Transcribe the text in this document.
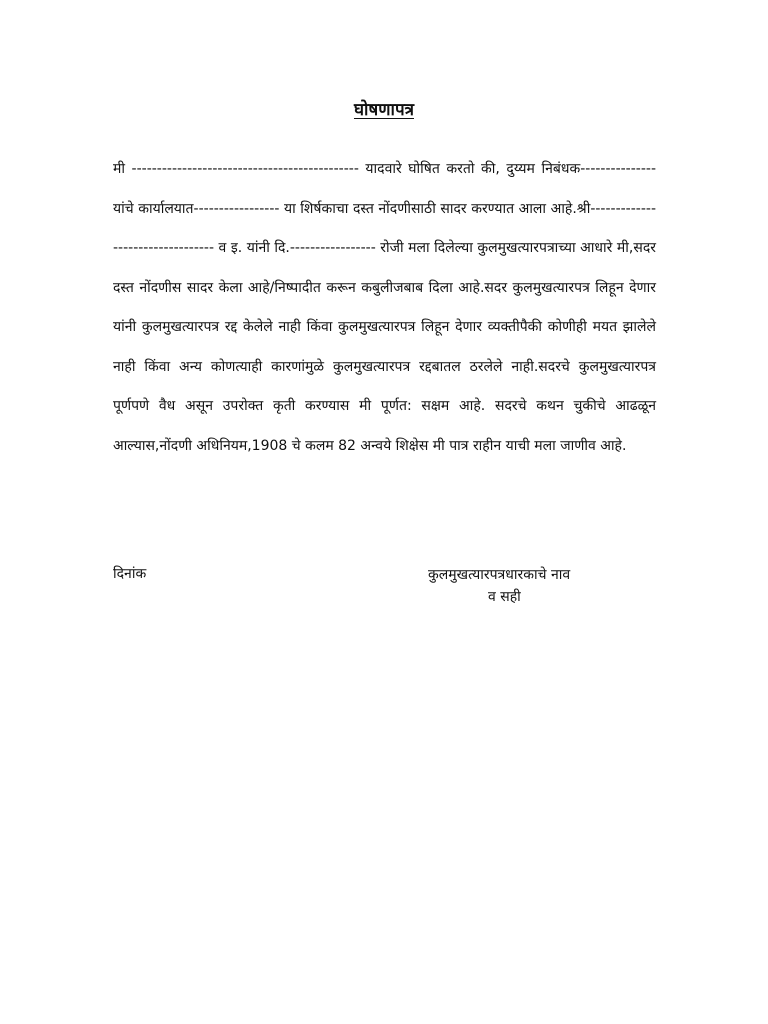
घोषणापत्र

मी --------------------------------------------- यादवारे घोषित करतो की, दुय्यम निबंधक--------------- यांचे कार्यालयात----------------- या शिर्षकाचा दस्त नोंदणीसाठी सादर करण्यात आला आहे.श्री--------------------------------- व इ. यांनी दि.----------------- रोजी मला दिलेल्या कुलमुखत्यारपत्राच्या आधारे मी,सदर दस्त नोंदणीस सादर केला आहे/निष्पादीत करून कबुलीजबाब दिला आहे.सदर कुलमुखत्यारपत्र लिहून देणार यांनी कुलमुखत्यारपत्र रद्द केलेले नाही किंवा कुलमुखत्यारपत्र लिहून देणार व्यक्तीपैकी कोणीही मयत झालेले नाही किंवा अन्य कोणत्याही कारणांमुळे कुलमुखत्यारपत्र रद्दबातल ठरलेले नाही.सदरचे कुलमुखत्यारपत्र पूर्णपणे वैध असून उपरोक्त कृती करण्यास मी पूर्णत: सक्षम आहे. सदरचे कथन चुकीचे आढळून आल्यास,नोंदणी अधिनियम,1908 चे कलम 82 अन्वये शिक्षेस मी पात्र राहीन याची मला जाणीव आहे.

दिनांक	कुलमुखत्यारपत्रधारकाचे नाव
व सही
